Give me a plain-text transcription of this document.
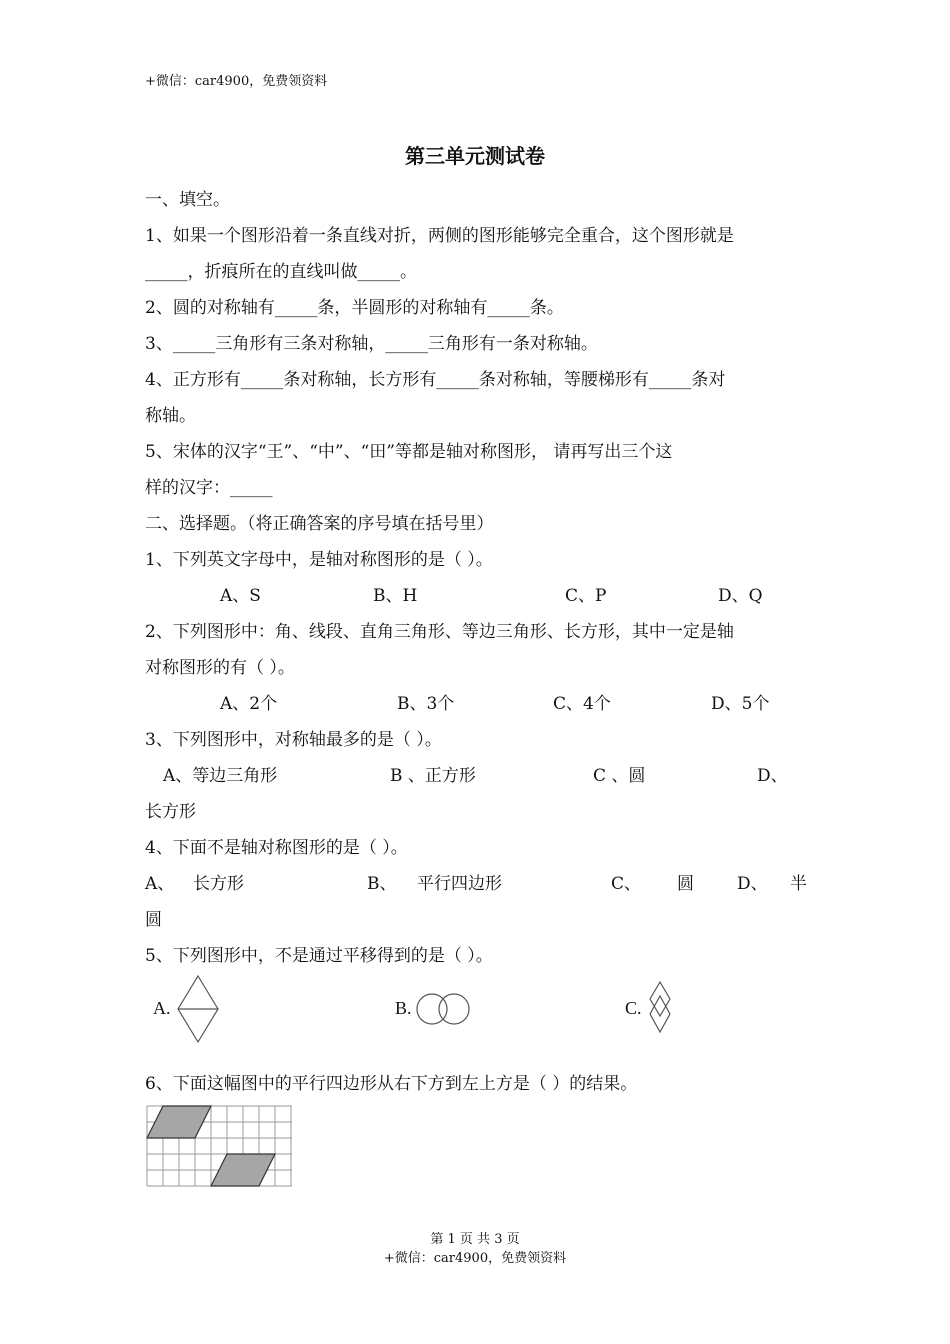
+微信：car4900，免费领资料
第三单元测试卷
一、填空。
1、如果一个图形沿着一条直线对折，两侧的图形能够完全重合，这个图形就是
_____，折痕所在的直线叫做_____。
2、圆的对称轴有_____条，半圆形的对称轴有_____条。
3、_____三角形有三条对称轴，_____三角形有一条对称轴。
4、正方形有_____条对称轴，长方形有_____条对称轴，等腰梯形有_____条对
称轴。
5、宋体的汉字“王”、“中”、“田”等都是轴对称图形， 请再写出三个这
样的汉字：_____
二、选择题。（将正确答案的序号填在括号里）
1、下列英文字母中，是轴对称图形的是（ ）。
A、S	B、H	C、P	D、Q
2、下列图形中：角、线段、直角三角形、等边三角形、长方形，其中一定是轴
对称图形的有（ ）。
A、2个	B、3个	C、4个	D、5个
3、下列图形中，对称轴最多的是（ ）。
A、等边三角形	B 、正方形	C 、圆	D、
长方形
4、下面不是轴对称图形的是（ ）。
A、 长方形	B、 平行四边形	C、 圆	D、 半
圆
5、下列图形中，不是通过平移得到的是（ ）。
A.	B.	C.
6、下面这幅图中的平行四边形从右下方到左上方是（ ）的结果。
第 1 页 共 3 页
+微信：car4900，免费领资料
